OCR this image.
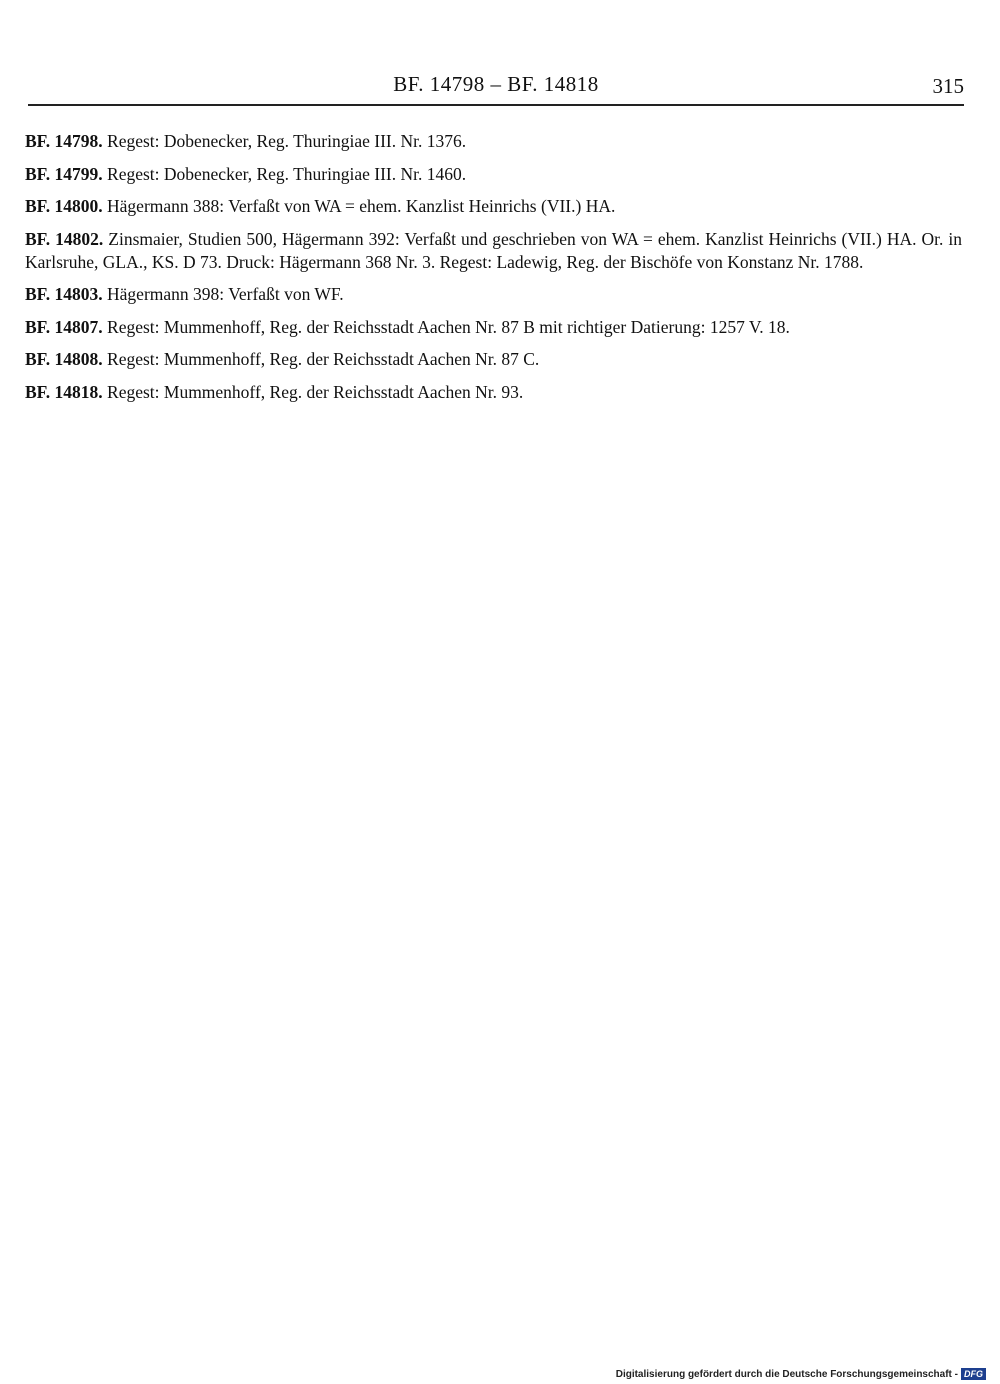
BF. 14798 – BF. 14818	315

BF. 14798. Regest: Dobenecker, Reg. Thuringiae III. Nr. 1376.

BF. 14799. Regest: Dobenecker, Reg. Thuringiae III. Nr. 1460.

BF. 14800. Hägermann 388: Verfaßt von WA = ehem. Kanzlist Heinrichs (VII.) HA.

BF. 14802. Zinsmaier, Studien 500, Hägermann 392: Verfaßt und geschrieben von WA = ehem. Kanzlist Heinrichs (VII.) HA. Or. in Karlsruhe, GLA., KS. D 73. Druck: Hägermann 368 Nr. 3. Regest: Ladewig, Reg. der Bischöfe von Konstanz Nr. 1788.

BF. 14803. Hägermann 398: Verfaßt von WF.

BF. 14807. Regest: Mummenhoff, Reg. der Reichsstadt Aachen Nr. 87 B mit richtiger Datierung: 1257 V. 18.

BF. 14808. Regest: Mummenhoff, Reg. der Reichsstadt Aachen Nr. 87 C.

BF. 14818. Regest: Mummenhoff, Reg. der Reichsstadt Aachen Nr. 93.

Digitalisierung gefördert durch die Deutsche Forschungsgemeinschaft - DFG
